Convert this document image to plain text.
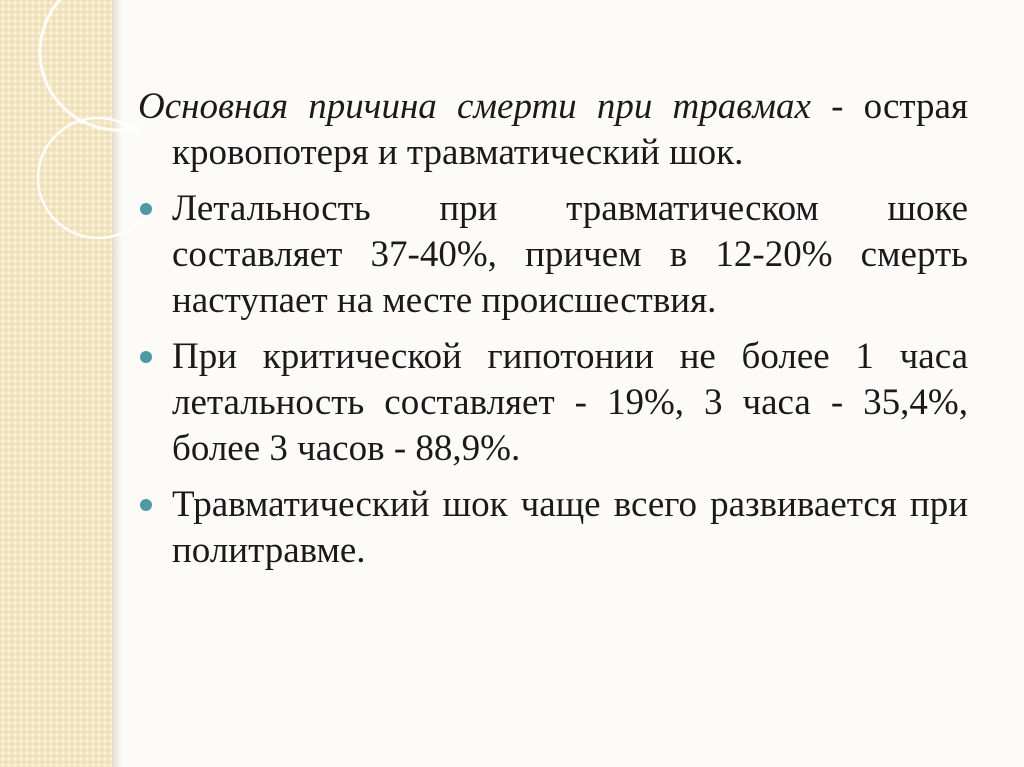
Основная причина смерти при травмах - острая кровопотеря и травматический шок.

Летальность при травматическом шоке составляет 37-40%, причем в 12-20% смерть наступает на месте происшествия.

При критической гипотонии не более 1 часа летальность составляет - 19%, 3 часа - 35,4%, более 3 часов - 88,9%.

Травматический шок чаще всего развивается при политравме.
